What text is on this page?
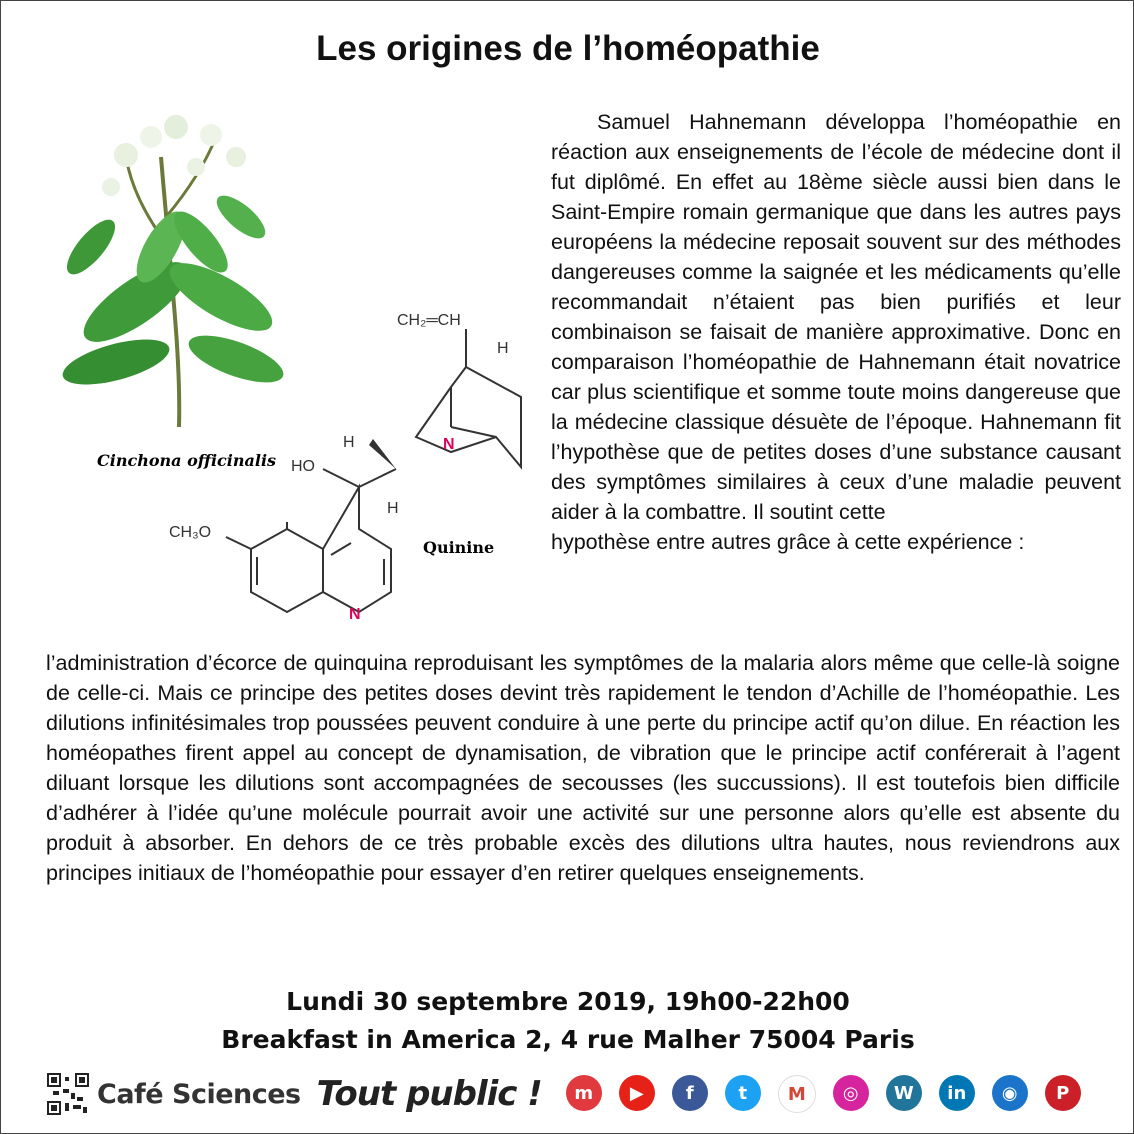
Les origines de l’homéopathie
Cinchona officinalis
CH₂═CH
H
H
HO
N
H
CH₃O
N
Quinine
Samuel Hahnemann développa l’homéopathie en réaction aux enseignements de l’école de médecine dont il fut diplômé. En effet au 18ème siècle aussi bien dans le Saint-Empire romain germanique que dans les autres pays européens la médecine reposait souvent sur des méthodes dangereuses comme la saignée et les médicaments qu’elle recommandait n’étaient pas bien purifiés et leur combinaison se faisait de manière approximative. Donc en comparaison l’homéopathie de Hahnemann était novatrice car plus scientifique et somme toute moins dangereuse que la médecine classique désuète de l’époque. Hahnemann fit l’hypothèse que de petites doses d’une substance causant des symptômes similaires à ceux d’une maladie peuvent aider à la combattre. Il soutint cette
hypothèse entre autres grâce à cette expérience :
l’administration d’écorce de quinquina reproduisant les symptômes de la malaria alors même que celle-là soigne de celle-ci. Mais ce principe des petites doses devint très rapidement le tendon d’Achille de l’homéopathie. Les dilutions infinitésimales trop poussées peuvent conduire à une perte du principe actif qu’on dilue. En réaction les homéopathes firent appel au concept de dynamisation, de vibration que le principe actif conférerait à l’agent diluant lorsque les dilutions sont accompagnées de secousses (les succussions). Il est toutefois bien difficile d’adhérer à l’idée qu’une molécule pourrait avoir une activité sur une personne alors qu’elle est absente du produit à absorber. En dehors de ce très probable excès des dilutions ultra hautes, nous reviendrons aux principes initiaux de l’homéopathie pour essayer d’en retirer quelques enseignements.
Lundi 30 septembre 2019, 19h00-22h00
Breakfast in America 2, 4 rue Malher 75004 Paris
Café Sciences Tout public !	m	▶	f	t	M	◎	W	in	◉	P
